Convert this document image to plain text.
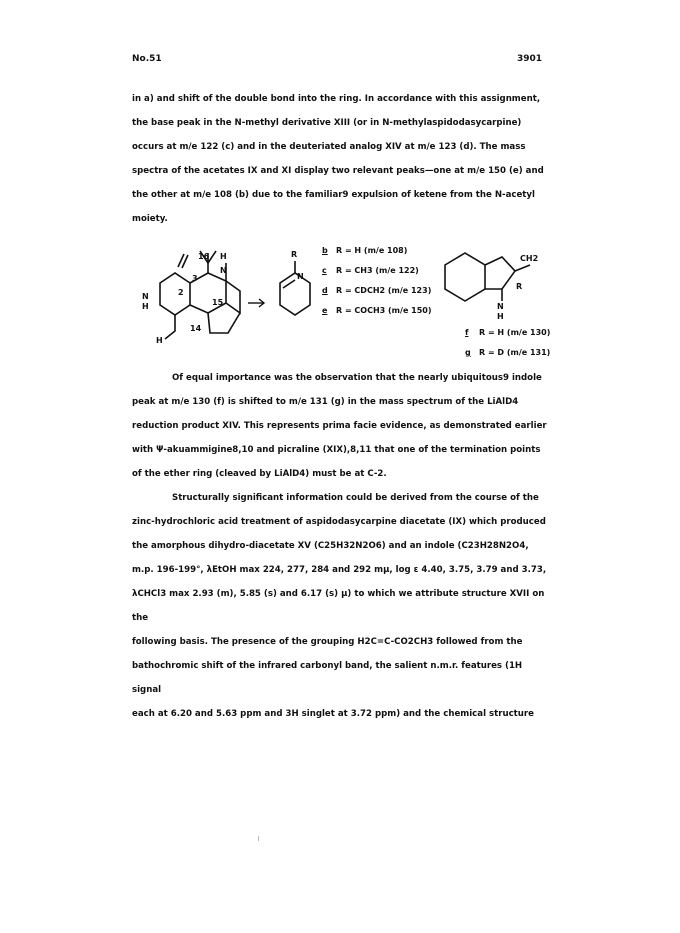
No.51	3901
in a) and shift of the double bond into the ring. In accordance with this assignment,
the base peak in the N-methyl derivative XIII (or in N-methylaspidodasycarpine)
occurs at m/e 122 (c) and in the deuteriated analog XIV at m/e 123 (d). The mass
spectra of the acetates IX and XI display two relevant peaks—one at m/e 150 (e) and
the other at m/e 108 (b) due to the familiar9 expulsion of ketene from the N-acetyl
moiety.
N
H
16
3
2
15
14
H
N
H	R
N
CH2
R
N
H
b R = H (m/e 108)
c R = CH3 (m/e 122)
d R = CDCH2 (m/e 123)
e R = COCH3 (m/e 150)
f R = H (m/e 130)
g R = D (m/e 131)
Of equal importance was the observation that the nearly ubiquitous9 indole
peak at m/e 130 (f) is shifted to m/e 131 (g) in the mass spectrum of the LiAlD4
reduction product XIV. This represents prima facie evidence, as demonstrated earlier
with Ψ-akuammigine8,10 and picraline (XIX),8,11 that one of the termination points
of the ether ring (cleaved by LiAlD4) must be at C-2.
Structurally significant information could be derived from the course of the
zinc-hydrochloric acid treatment of aspidodasycarpine diacetate (IX) which produced
the amorphous dihydro-diacetate XV (C25H32N2O6) and an indole (C23H28N2O4,
m.p. 196-199°, λEtOH max 224, 277, 284 and 292 mμ, log ε 4.40, 3.75, 3.79 and 3.73,
λCHCl3 max 2.93 (m), 5.85 (s) and 6.17 (s) μ) to which we attribute structure XVII on the
following basis. The presence of the grouping H2C=C-CO2CH3 followed from the
bathochromic shift of the infrared carbonyl band, the salient n.m.r. features (1H signal
each at 6.20 and 5.63 ppm and 3H singlet at 3.72 ppm) and the chemical structure
